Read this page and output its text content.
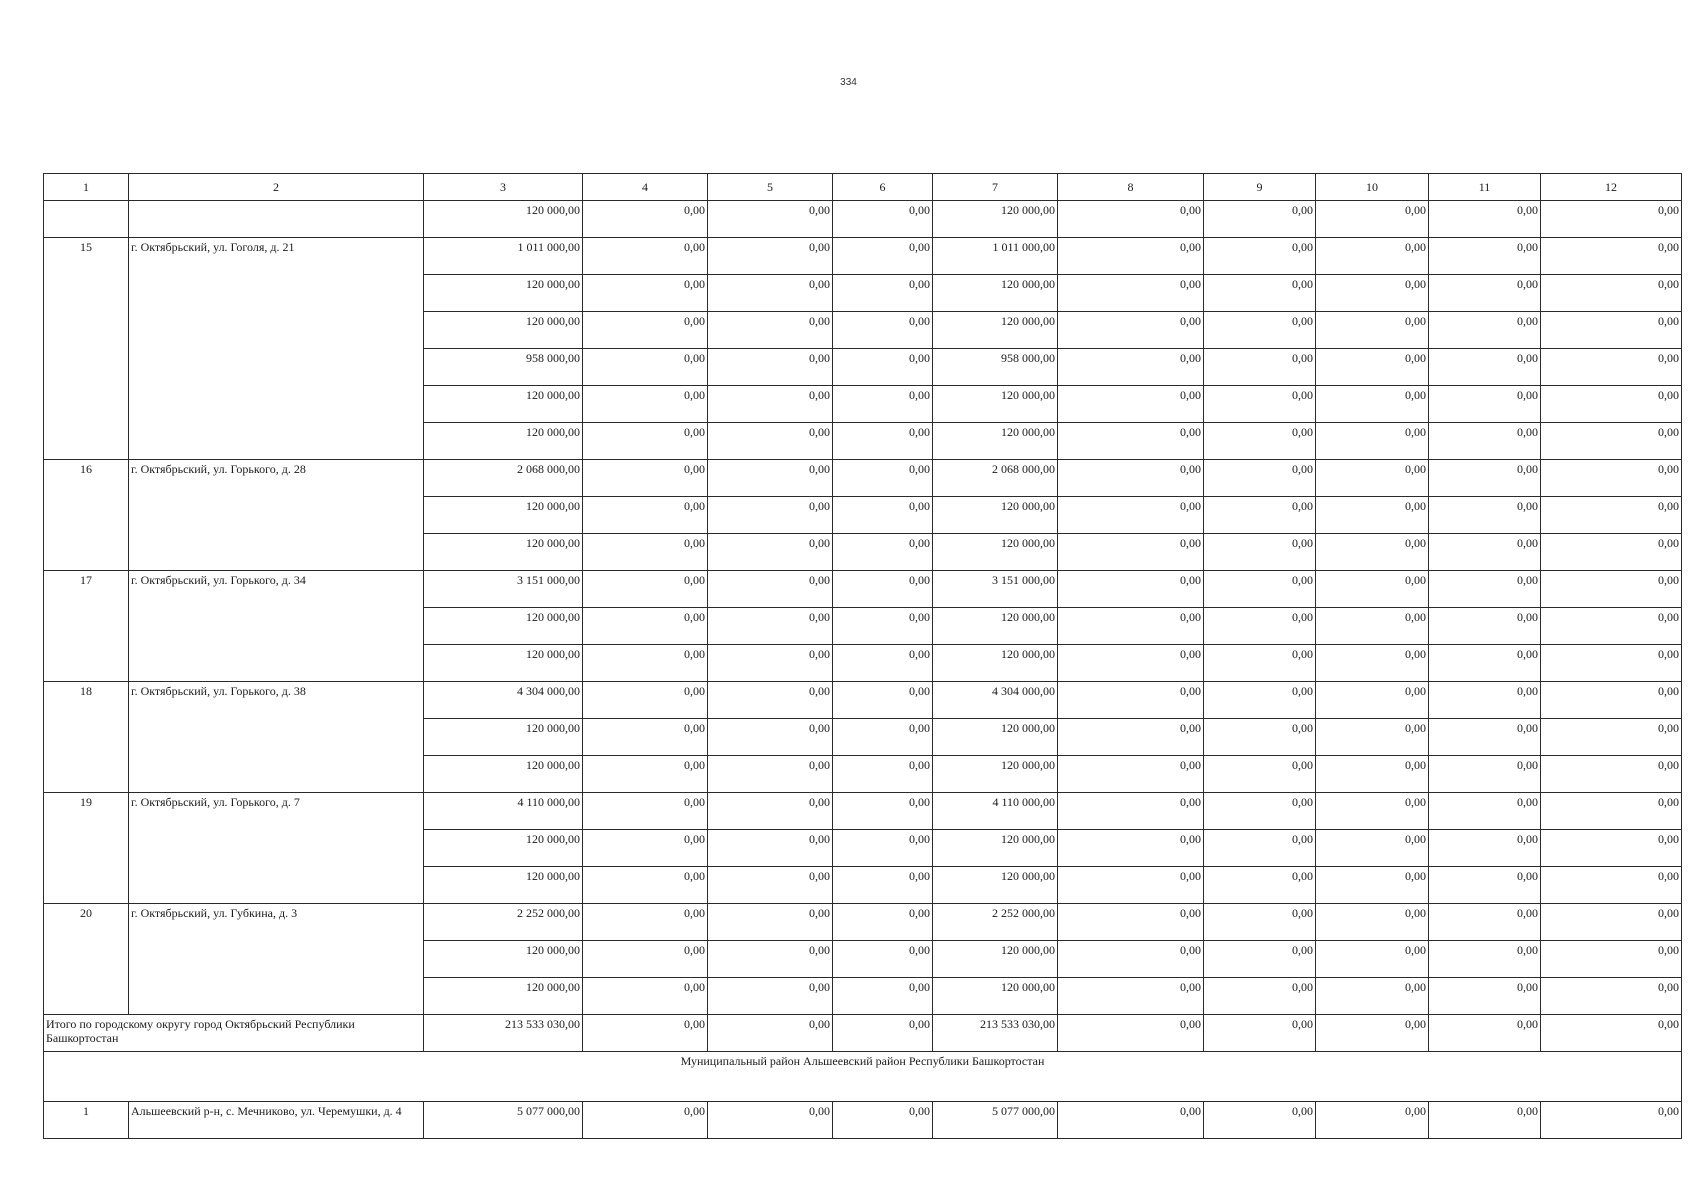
334
1	2	3	4	5	6	7	8	9	10	11	12
		120 000,00	0,00	0,00	0,00	120 000,00	0,00	0,00	0,00	0,00	0,00
15	г. Октябрьский, ул. Гоголя, д. 21	1 011 000,00	0,00	0,00	0,00	1 011 000,00	0,00	0,00	0,00	0,00	0,00
		120 000,00	0,00	0,00	0,00	120 000,00	0,00	0,00	0,00	0,00	0,00
		120 000,00	0,00	0,00	0,00	120 000,00	0,00	0,00	0,00	0,00	0,00
		958 000,00	0,00	0,00	0,00	958 000,00	0,00	0,00	0,00	0,00	0,00
		120 000,00	0,00	0,00	0,00	120 000,00	0,00	0,00	0,00	0,00	0,00
		120 000,00	0,00	0,00	0,00	120 000,00	0,00	0,00	0,00	0,00	0,00
16	г. Октябрьский, ул. Горького, д. 28	2 068 000,00	0,00	0,00	0,00	2 068 000,00	0,00	0,00	0,00	0,00	0,00
		120 000,00	0,00	0,00	0,00	120 000,00	0,00	0,00	0,00	0,00	0,00
		120 000,00	0,00	0,00	0,00	120 000,00	0,00	0,00	0,00	0,00	0,00
17	г. Октябрьский, ул. Горького, д. 34	3 151 000,00	0,00	0,00	0,00	3 151 000,00	0,00	0,00	0,00	0,00	0,00
		120 000,00	0,00	0,00	0,00	120 000,00	0,00	0,00	0,00	0,00	0,00
		120 000,00	0,00	0,00	0,00	120 000,00	0,00	0,00	0,00	0,00	0,00
18	г. Октябрьский, ул. Горького, д. 38	4 304 000,00	0,00	0,00	0,00	4 304 000,00	0,00	0,00	0,00	0,00	0,00
		120 000,00	0,00	0,00	0,00	120 000,00	0,00	0,00	0,00	0,00	0,00
		120 000,00	0,00	0,00	0,00	120 000,00	0,00	0,00	0,00	0,00	0,00
19	г. Октябрьский, ул. Горького, д. 7	4 110 000,00	0,00	0,00	0,00	4 110 000,00	0,00	0,00	0,00	0,00	0,00
		120 000,00	0,00	0,00	0,00	120 000,00	0,00	0,00	0,00	0,00	0,00
		120 000,00	0,00	0,00	0,00	120 000,00	0,00	0,00	0,00	0,00	0,00
20	г. Октябрьский, ул. Губкина, д. 3	2 252 000,00	0,00	0,00	0,00	2 252 000,00	0,00	0,00	0,00	0,00	0,00
		120 000,00	0,00	0,00	0,00	120 000,00	0,00	0,00	0,00	0,00	0,00
		120 000,00	0,00	0,00	0,00	120 000,00	0,00	0,00	0,00	0,00	0,00
Итого по городскому округу город Октябрьский Республики Башкортостан		213 533 030,00	0,00	0,00	0,00	213 533 030,00	0,00	0,00	0,00	0,00	0,00
Муниципальный район Альшеевский район Республики Башкортостан											
1	Альшеевский р-н, с. Мечниково, ул. Черемушки, д. 4	5 077 000,00	0,00	0,00	0,00	5 077 000,00	0,00	0,00	0,00	0,00	0,00
